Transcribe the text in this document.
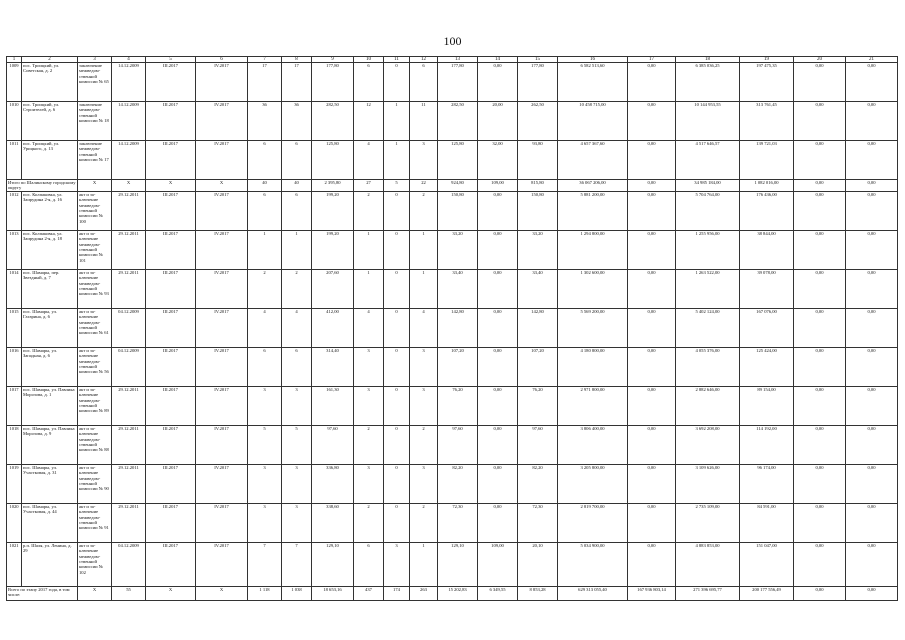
100
1	2	3	4	5	6	7	8	9	10	11	12	13	14	15	16	17	18	19	20	21
1009	пос. Троицкий, ул. Советская, д. 2	заключение межведом-ственной комиссии № 65	14.12.2009	III.2017	IV.2017	17	17	177,80	6	0	6	177,80	0,00	177,80	6 582 513,60	0,00	6 385 036,25	197 475,35	0,00	0,00
1010	пос. Троицкий, ул. Строителей, д. 6	заключение межведом-ственной комиссии № 18	14.12.2009	III.2017	IV.2017	36	36	282,50	12	1	11	282,50	20,00	262,50	10 458 715,00	0,00	10 144 953,55	313 761,45	0,00	0,00
1011	пос. Троицкий, ул. Урицкого, д. 13	заключение межведом-ственной комиссии № 17	14.12.2009	III.2017	IV.2017	6	6	125,80	4	1	3	125,80	32,00	93,80	4 657 367,60	0,00	4 517 646,57	139 721,03	0,00	0,00
Итого по Шалинскому городскому округу		X	X	X	X	40	40	2 395,80	27	5	22	924,80	109,00	815,80	36 067 206,00	0,00	34 985 184,00	1 082 016,00	0,00	0,00
1012	пос. Колпаковка, ул. Заирудина 2-я, д. 16	акт и за-ключение межведом-ственной комиссии № 100	29.12.2011	III.2017	IV.2017	6	6	199,20	2	0	2	150,80	0,00	150,80	5 881 200,00	0,00	5 704 764,00	176 436,00	0,00	0,00
1013	пос. Колпаковка, ул. Заирудина 2-я, д. 18	акт и за-ключение межведом-ственной комиссии № 101	29.12.2011	III.2017	IV.2017	1	1	199,20	1	0	1	33,20	0,00	33,20	1 294 800,00	0,00	1 255 956,00	38 844,00	0,00	0,00
1014	пос. Шамары, пер. Звездный, д. 7	акт и за-ключение межведом-ственной комиссии № 93	29.12.2011	III.2017	IV.2017	2	2	207,60	1	0	1	33,40	0,00	33,40	1 302 600,00	0,00	1 263 522,00	39 078,00	0,00	0,00
1015	пос. Шамары, ул. Гагарина, д. 6	акт и за-ключение межведом-ственной комиссии № 61	04.12.2009	III.2017	IV.2017	4	4	412,00	4	0	4	142,80	0,00	142,80	5 569 200,00	0,00	5 402 124,00	167 076,00	0,00	0,00
1016	пос. Шамары, ул. Западная, д. 6	акт и за-ключение межведом-ственной комиссии № 56	04.12.2009	III.2017	IV.2017	6	6	314,40	3	0	3	107,20	0,00	107,20	4 180 800,00	0,00	4 055 376,00	125 424,00	0,00	0,00
1017	пос. Шамары, ул. Павлика Морозова, д. 1	акт и за-ключение межведом-ственной комиссии № 89	29.12.2011	III.2017	IV.2017	3	3	161,30	3	0	3	76,20	0,00	76,20	2 971 800,00	0,00	2 882 646,00	89 154,00	0,00	0,00
1018	пос. Шамары, ул. Павлика Морозова, д. 9	акт и за-ключение межведом-ственной комиссии № 88	29.12.2011	III.2017	IV.2017	5	5	97,60	2	0	2	97,60	0,00	97,60	3 806 400,00	0,00	3 692 208,00	114 192,00	0,00	0,00
1019	пос. Шамары, ул. Участковая, д. 31	акт и за-ключение межведом-ственной комиссии № 90	29.12.2011	III.2017	IV.2017	3	3	336,80	3	0	3	82,20	0,00	82,20	3 205 800,00	0,00	3 109 626,00	96 174,00	0,00	0,00
1020	пос. Шамары, ул. Участковая, д. 44	акт и за-ключение межведом-ственной комиссии № 91	29.12.2011	III.2017	IV.2017	3	3	338,60	2	0	2	72,30	0,00	72,30	2 819 700,00	0,00	2 735 109,00	84 591,00	0,00	0,00
1021	р.п. Шаля, ул. Ленина, д. 29	акт и за-ключение межведом-ственной комиссии № 102	04.12.2009	III.2017	IV.2017	7	7	129,10	6	3	1	129,10	109,00	20,10	5 034 900,00	0,00	4 883 853,00	151 047,00	0,00	0,00
Всего по этапу 2017 года, в том числе:		X	55	X	X	1 118	1 038	18 653,16	437	174	263	15 202,83	6 349,55	8 853,28	629 313 055,40	167 936 803,14	271 396 695,77	200 177 556,49	0,00	0,00
